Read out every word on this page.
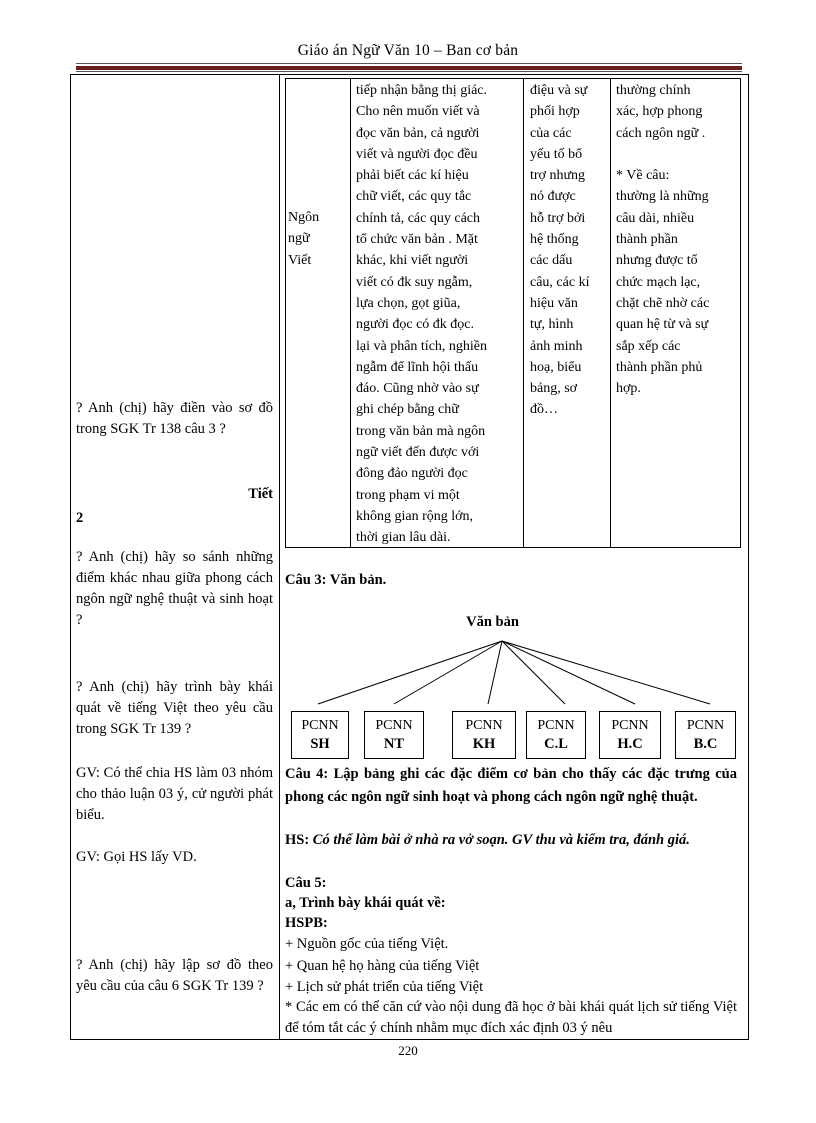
Giáo án Ngữ Văn 10 – Ban cơ bản
? Anh (chị) hãy điền vào sơ đồ trong SGK Tr 138 câu 3 ?
Tiết
2
? Anh (chị) hãy so sánh những điểm khác nhau giữa phong cách ngôn ngữ nghệ thuật và sinh hoạt ?
? Anh (chị) hãy trình bày khái quát về tiếng Việt theo yêu cầu trong SGK Tr 139 ?
GV: Có thể chia HS làm 03 nhóm cho thảo luận 03 ý, cử người phát biểu.
GV: Gọi HS lấy VD.
? Anh (chị) hãy lập sơ đồ theo yêu cầu của câu 6 SGK Tr 139 ?
Ngôn
ngữ
Viết
tiếp nhận bằng thị giác.
Cho nên muốn viết và
đọc văn bản, cả người
viết và người đọc đều
phải biết các kí hiệu
chữ viết, các quy tắc
chính tả, các quy cách
tổ chức văn bản . Mặt
khác, khi viết người
viết có đk suy ngẫm,
lựa chọn, gọt giũa,
người đọc có đk đọc.
lại và phân tích, nghiền
ngẫm để lĩnh hội thấu
đáo. Cũng nhờ vào sự
ghi chép bằng chữ
trong văn bản mà ngôn
ngữ viết đến được với
đông đảo người đọc
trong phạm vi một
không gian rộng lớn,
thời gian lâu dài.
điệu và sự
phối hợp
của các
yếu tố bổ
trợ nhưng
nó được
hỗ trợ bởi
hệ thống
các dấu
câu, các kí
hiệu văn
tự, hình
ảnh minh
hoạ, biểu
bảng, sơ
đồ…
thường chính
xác, hợp phong
cách ngôn ngữ .

* Về câu:
thường là những
câu dài, nhiều
thành phần
nhưng được tổ
chức mạch lạc,
chặt chẽ nhờ các
quan hệ từ và sự
sắp xếp các
thành phần phủ
hợp.
Câu 3: Văn bản.
Văn bản
PCNN
SH
PCNN
NT
PCNN
KH
PCNN
C.L
PCNN
H.C
PCNN
B.C
Câu 4: Lập bảng ghi các đặc điểm cơ bản cho thấy các đặc trưng của phong các ngôn ngữ sinh hoạt và phong cách ngôn ngữ nghệ thuật.
HS: Có thể làm bài ở nhà ra vở soạn. GV thu và kiểm tra, đánh giá.
Câu 5:
a, Trình bày khái quát về:
HSPB:
+ Nguồn gốc của tiếng Việt.
+ Quan hệ họ hàng của tiếng Việt
+ Lịch sử phát triển của tiếng Việt
* Các em có thể căn cứ vào nội dung đã học ở bài khái quát lịch sử tiếng Việt để tóm tắt các ý chính nhằm mục đích xác định 03 ý nêu
220
